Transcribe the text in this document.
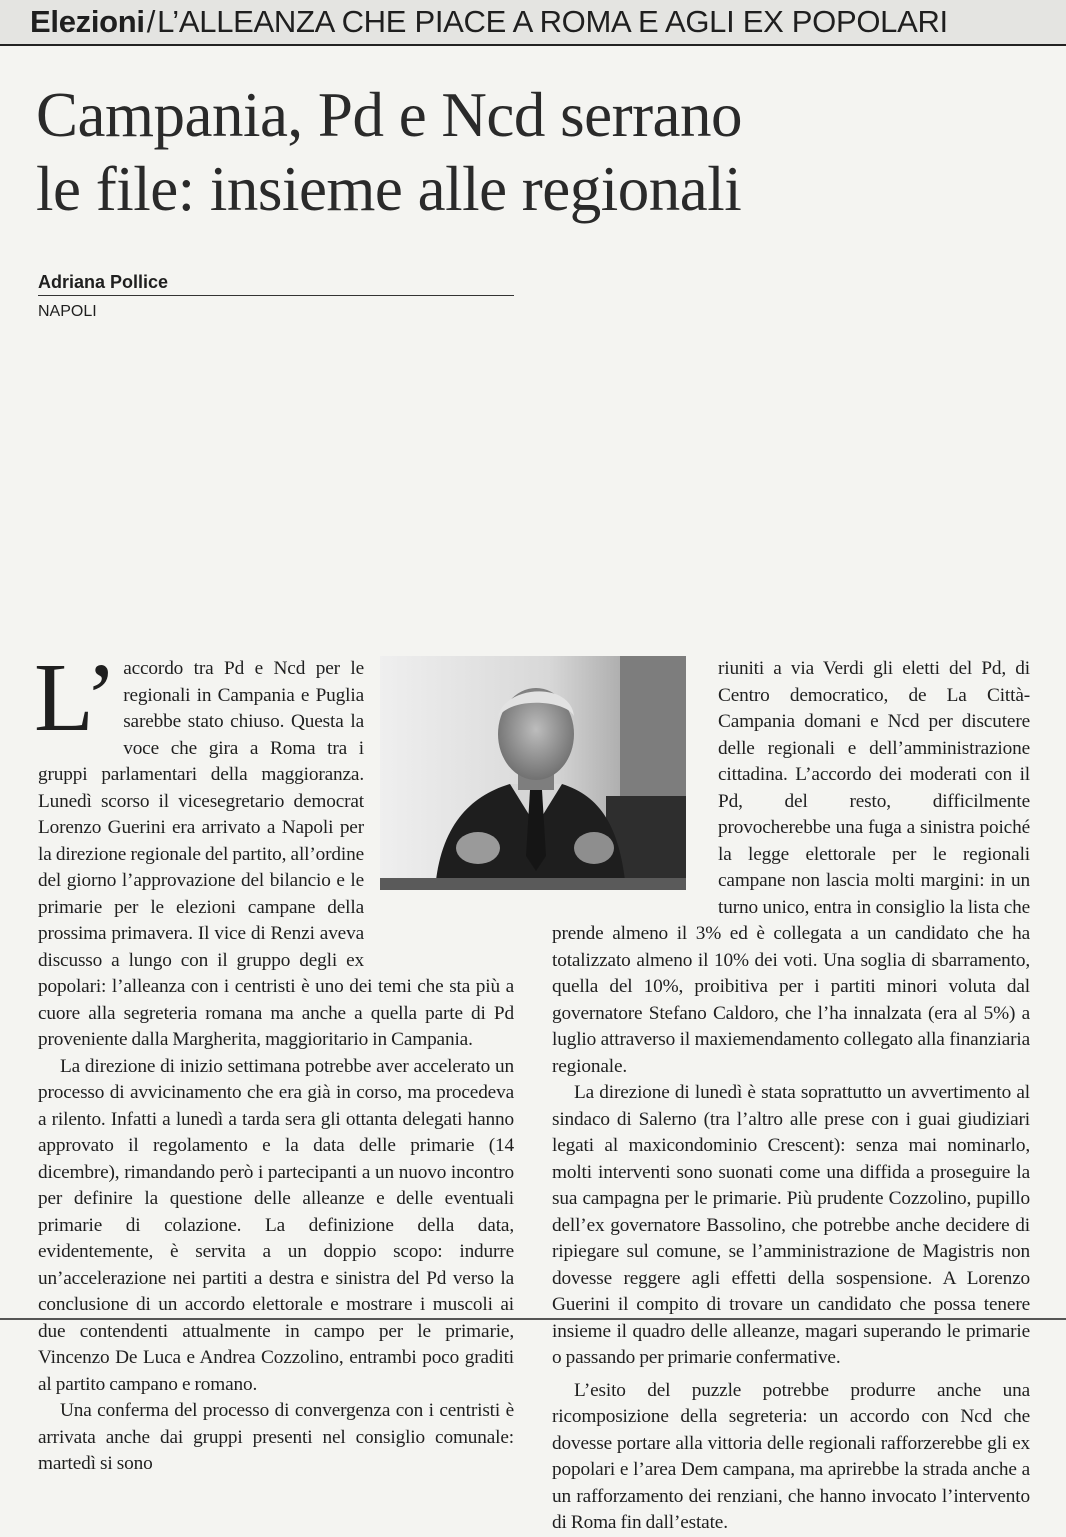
Elezioni/L’ALLEANZA CHE PIACE A ROMA E AGLI EX POPOLARI
Campania, Pd e Ncd serrano
le file: insieme alle regionali
Adriana Pollice
NAPOLI

L’ accordo tra Pd e Ncd per le regionali in Campania e Puglia sarebbe stato chiuso. Questa la voce che gira a Roma tra i gruppi parlamentari della maggioranza. Lunedì scorso il vicesegretario democrat Lorenzo Guerini era arrivato a Napoli per la direzione regionale del partito, all’ordine del giorno l’approvazione del bilancio e le primarie per le elezioni campane della prossima primavera. Il vice di Renzi aveva discusso a lungo con il gruppo degli ex popolari: l’alleanza con i centristi è uno dei temi che sta più a cuore alla segreteria romana ma anche a quella parte di Pd proveniente dalla Margherita, maggioritario in Campania.

La direzione di inizio settimana potrebbe aver accelerato un processo di avvicinamento che era già in corso, ma procedeva a rilento. Infatti a lunedì a tarda sera gli ottanta delegati hanno approvato il regolamento e la data delle primarie (14 dicembre), rimandando però i partecipanti a un nuovo incontro per definire la questione delle alleanze e delle eventuali primarie di colazione. La definizione della data, evidentemente, è servita a un doppio scopo: indurre un’accelerazione nei partiti a destra e sinistra del Pd verso la conclusione di un accordo elettorale e mostrare i muscoli ai due contendenti attualmente in campo per le primarie, Vincenzo De Luca e Andrea Cozzolino, entrambi poco graditi al partito campano e romano.

Una conferma del processo di convergenza con i centristi è arrivata anche dai gruppi presenti nel consiglio comunale: martedì si sono

riuniti a via Verdi gli eletti del Pd, di Centro democratico, de La Città-Campania domani e Ncd per discutere delle regionali e dell’amministrazione cittadina. L’accordo dei moderati con il Pd, del resto, difficilmente provocherebbe una fuga a sinistra poiché la legge elettorale per le regionali campane non lascia molti margini: in un turno unico, entra in consiglio la lista che prende almeno il 3% ed è collegata a un candidato che ha totalizzato almeno il 10% dei voti. Una soglia di sbarramento, quella del 10%, proibitiva per i partiti minori voluta dal governatore Stefano Caldoro, che l’ha innalzata (era al 5%) a luglio attraverso il maxiemendamento collegato alla finanziaria regionale.

La direzione di lunedì è stata soprattutto un avvertimento al sindaco di Salerno (tra l’altro alle prese con i guai giudiziari legati al maxicondominio Crescent): senza mai nominarlo, molti interventi sono suonati come una diffida a proseguire la sua campagna per le primarie. Più prudente Cozzolino, pupillo dell’ex governatore Bassolino, che potrebbe anche decidere di ripiegare sul comune, se l’amministrazione de Magistris non dovesse reggere agli effetti della sospensione. A Lorenzo Guerini il compito di trovare un candidato che possa tenere insieme il quadro delle alleanze, magari superando le primarie o passando per primarie confermative.

L’esito del puzzle potrebbe produrre anche una ricomposizione della segreteria: un accordo con Ncd che dovesse portare alla vittoria delle regionali rafforzerebbe gli ex popolari e l’area Dem campana, ma aprirebbe la strada anche a un rafforzamento dei renziani, che hanno invocato l’intervento di Roma fin dall’estate.
